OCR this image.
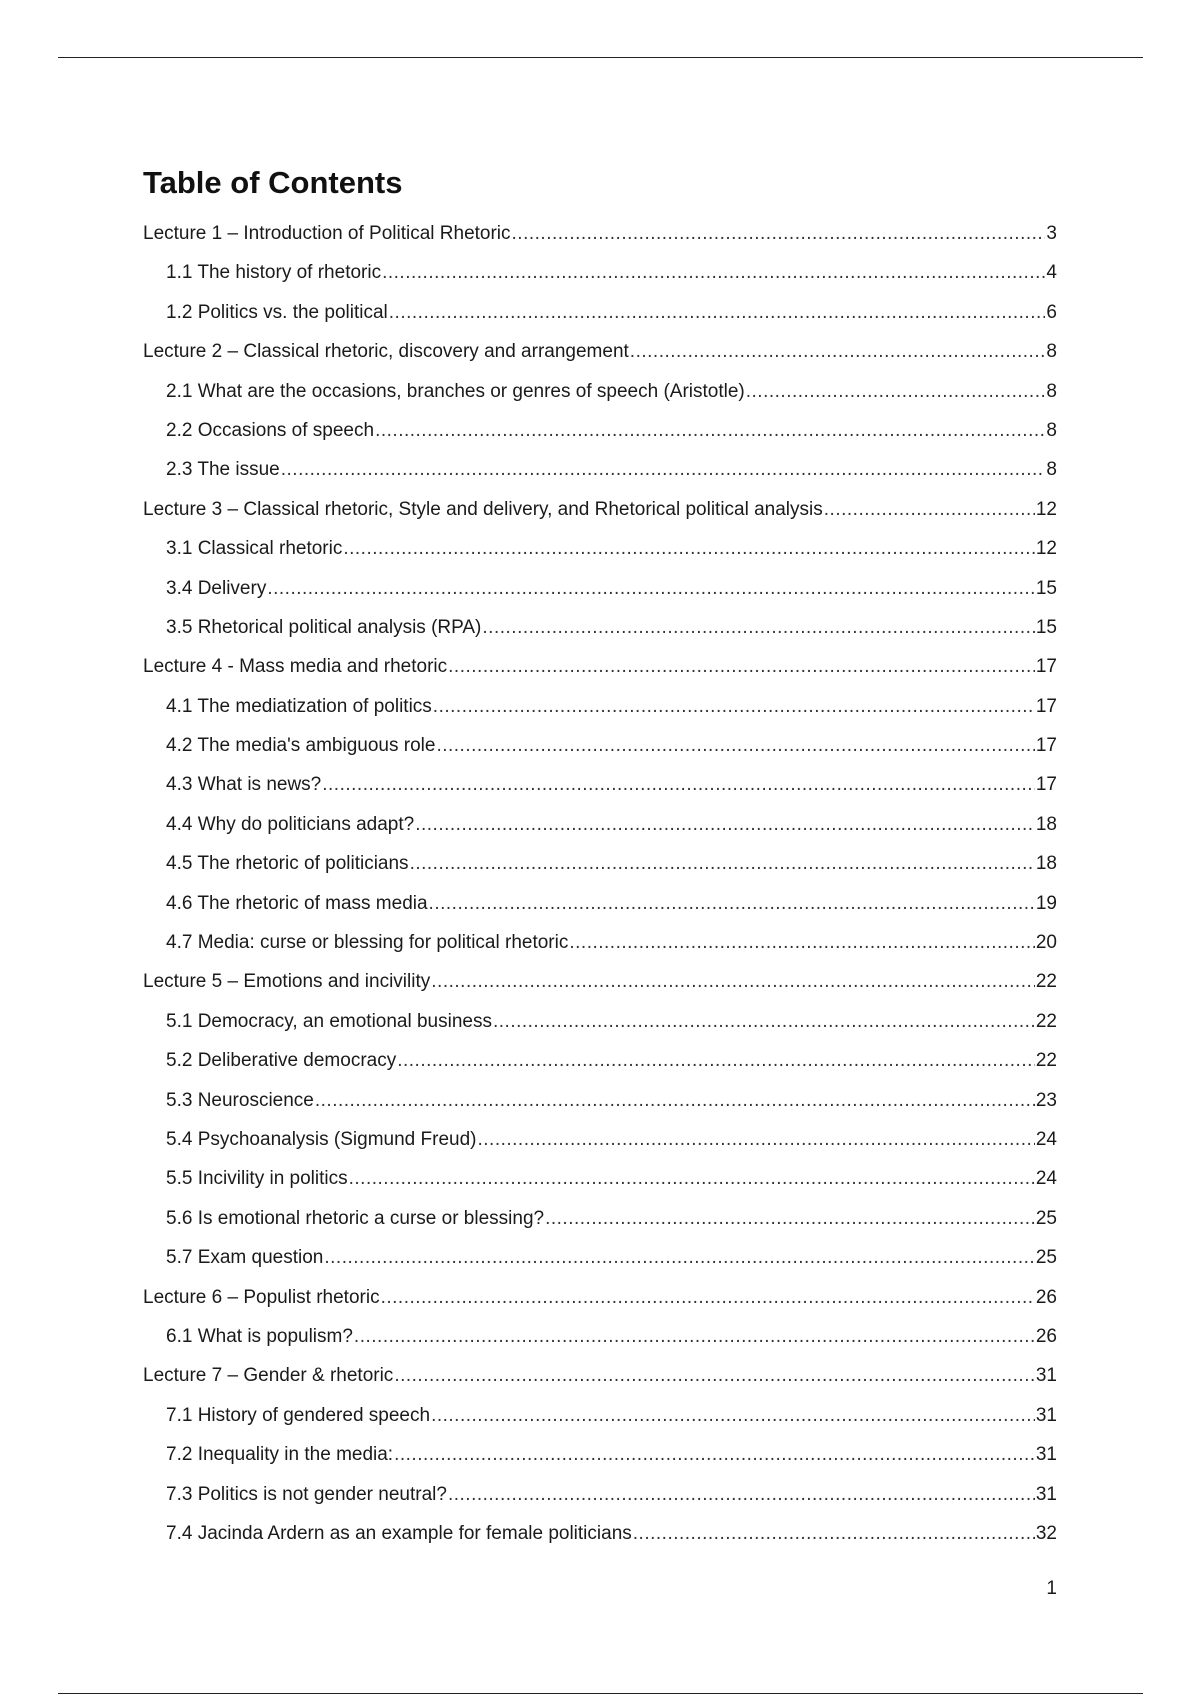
Table of Contents
Lecture 1 – Introduction of Political Rhetoric .....	3
1.1 The history of rhetoric .....	4
1.2 Politics vs. the political .....	6
Lecture 2 – Classical rhetoric, discovery and arrangement .....	8
2.1 What are the occasions, branches or genres of speech (Aristotle) .....	8
2.2 Occasions of speech .....	8
2.3 The issue .....	8
Lecture 3 – Classical rhetoric, Style and delivery, and Rhetorical political analysis .....	12
3.1 Classical rhetoric .....	12
3.4 Delivery .....	15
3.5 Rhetorical political analysis (RPA) .....	15
Lecture 4 - Mass media and rhetoric .....	17
4.1 The mediatization of politics .....	17
4.2 The media's ambiguous role .....	17
4.3 What is news? .....	17
4.4 Why do politicians adapt? .....	18
4.5 The rhetoric of politicians .....	18
4.6 The rhetoric of mass media .....	19
4.7 Media: curse or blessing for political rhetoric .....	20
Lecture 5 – Emotions and incivility .....	22
5.1 Democracy, an emotional business .....	22
5.2 Deliberative democracy .....	22
5.3 Neuroscience .....	23
5.4 Psychoanalysis (Sigmund Freud) .....	24
5.5 Incivility in politics .....	24
5.6 Is emotional rhetoric a curse or blessing? .....	25
5.7 Exam question .....	25
Lecture 6 – Populist rhetoric .....	26
6.1 What is populism? .....	26
Lecture 7 – Gender & rhetoric .....	31
7.1 History of gendered speech .....	31
7.2 Inequality in the media: .....	31
7.3 Politics is not gender neutral? .....	31
7.4 Jacinda Ardern as an example for female politicians .....	32
1
